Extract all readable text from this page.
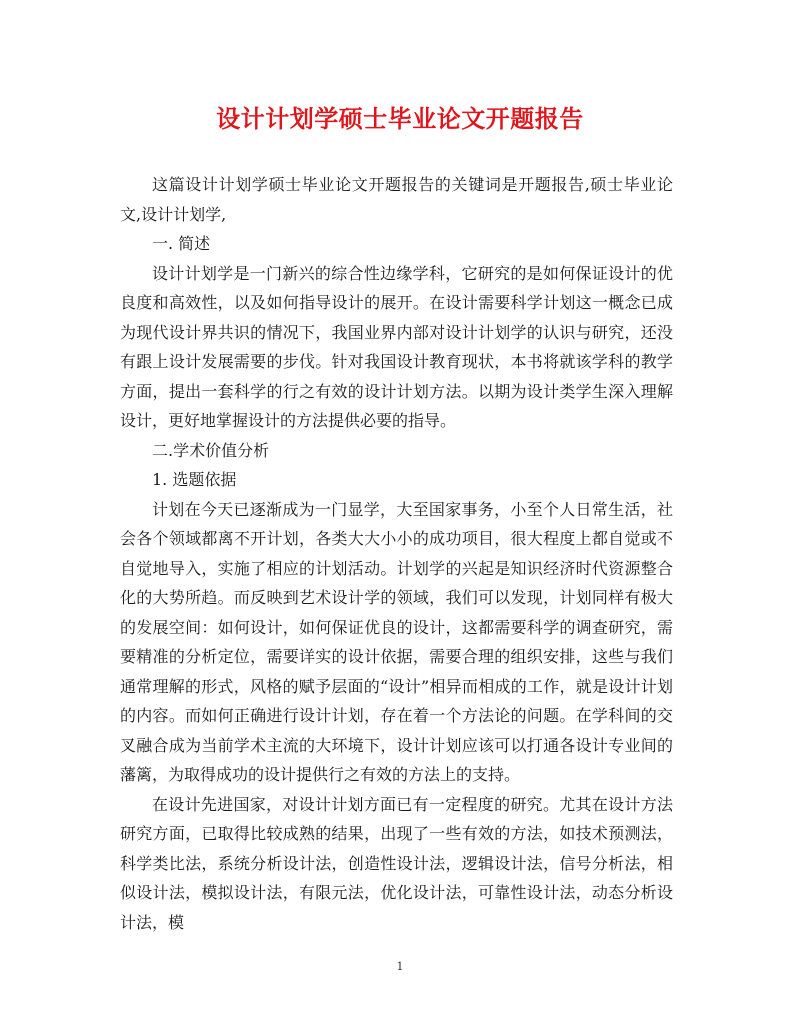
设计计划学硕士毕业论文开题报告

这篇设计计划学硕士毕业论文开题报告的关键词是开题报告,硕士毕业论文,设计计划学,

一. 简述

设计计划学是一门新兴的综合性边缘学科，它研究的是如何保证设计的优良度和高效性，以及如何指导设计的展开。在设计需要科学计划这一概念已成为现代设计界共识的情况下，我国业界内部对设计计划学的认识与研究，还没有跟上设计发展需要的步伐。针对我国设计教育现状，本书将就该学科的教学方面，提出一套科学的行之有效的设计计划方法。以期为设计类学生深入理解设计，更好地掌握设计的方法提供必要的指导。

二.学术价值分析

1. 选题依据

计划在今天已逐渐成为一门显学，大至国家事务，小至个人日常生活，社会各个领域都离不开计划，各类大大小小的成功项目，很大程度上都自觉或不自觉地导入，实施了相应的计划活动。计划学的兴起是知识经济时代资源整合化的大势所趋。而反映到艺术设计学的领域，我们可以发现，计划同样有极大的发展空间：如何设计，如何保证优良的设计，这都需要科学的调查研究，需要精准的分析定位，需要详实的设计依据，需要合理的组织安排，这些与我们通常理解的形式，风格的赋予层面的“设计”相异而相成的工作，就是设计计划的内容。而如何正确进行设计计划，存在着一个方法论的问题。在学科间的交叉融合成为当前学术主流的大环境下，设计计划应该可以打通各设计专业间的藩篱，为取得成功的设计提供行之有效的方法上的支持。

在设计先进国家，对设计计划方面已有一定程度的研究。尤其在设计方法研究方面，已取得比较成熟的结果，出现了一些有效的方法，如技术预测法，科学类比法，系统分析设计法，创造性设计法，逻辑设计法，信号分析法，相似设计法，模拟设计法，有限元法，优化设计法，可靠性设计法，动态分析设计法，模

1
